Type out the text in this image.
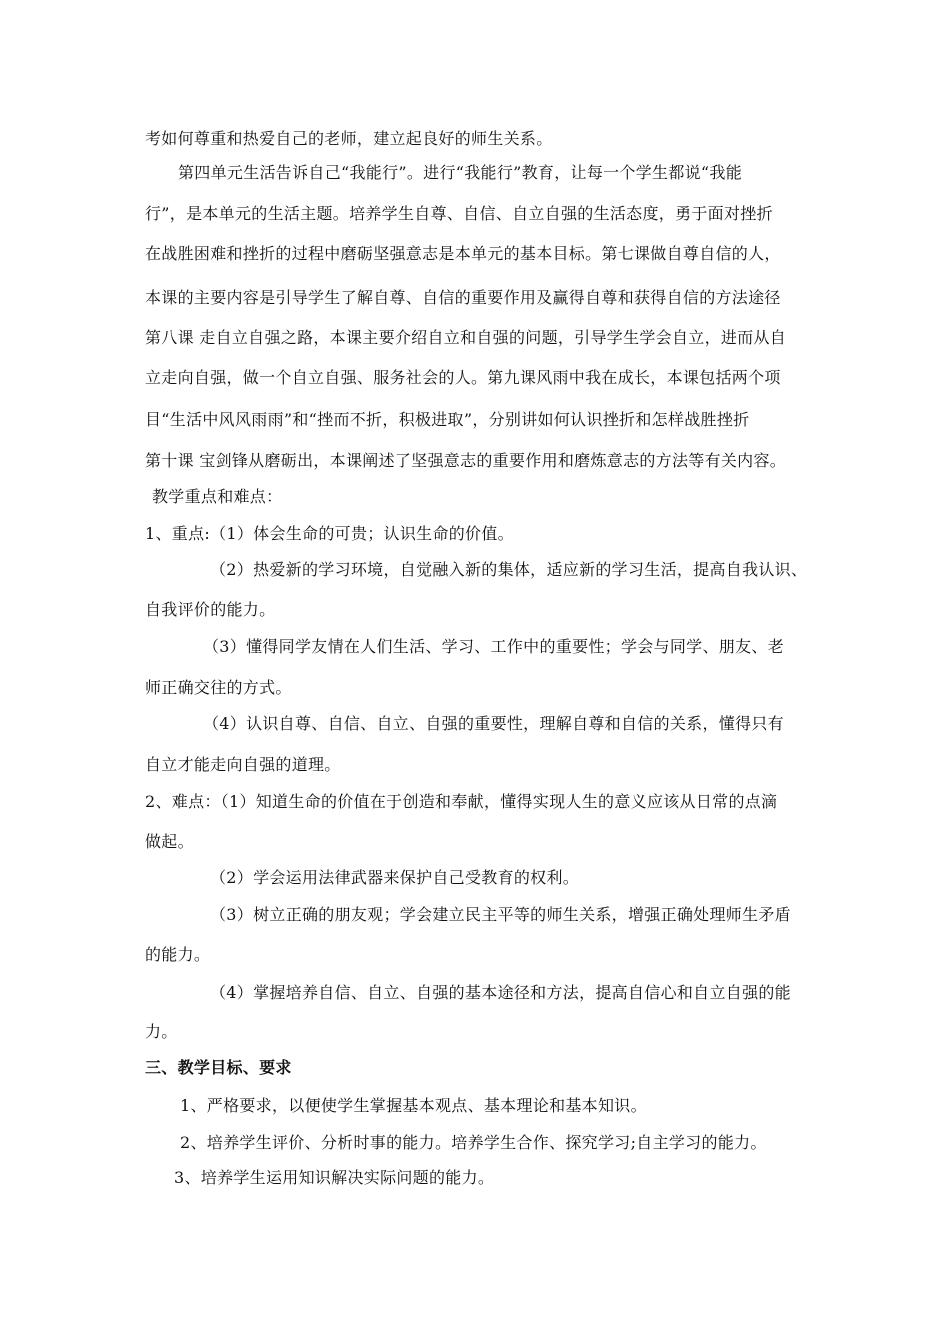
考如何尊重和热爱自己的老师，建立起良好的师生关系。
第四单元生活告诉自己“我能行”。进行“我能行”教育，让每一个学生都说“我能
行”，是本单元的生活主题。培养学生自尊、自信、自立自强的生活态度，勇于面对挫折
在战胜困难和挫折的过程中磨砺坚强意志是本单元的基本目标。第七课做自尊自信的人，
本课的主要内容是引导学生了解自尊、自信的重要作用及赢得自尊和获得自信的方法途径
第八课 走自立自强之路，本课主要介绍自立和自强的问题，引导学生学会自立，进而从自
立走向自强，做一个自立自强、服务社会的人。第九课风雨中我在成长，本课包括两个项
目“生活中风风雨雨”和“挫而不折，积极进取”，分别讲如何认识挫折和怎样战胜挫折
第十课 宝剑锋从磨砺出，本课阐述了坚强意志的重要作用和磨炼意志的方法等有关内容。
教学重点和难点：
1、重点:（1）体会生命的可贵；认识生命的价值。
（2）热爱新的学习环境，自觉融入新的集体，适应新的学习生活，提高自我认识、
自我评价的能力。
（3）懂得同学友情在人们生活、学习、工作中的重要性；学会与同学、朋友、老
师正确交往的方式。
（4）认识自尊、自信、自立、自强的重要性，理解自尊和自信的关系，懂得只有
自立才能走向自强的道理。
2、难点：（1）知道生命的价值在于创造和奉献，懂得实现人生的意义应该从日常的点滴
做起。
（2）学会运用法律武器来保护自己受教育的权利。
（3）树立正确的朋友观；学会建立民主平等的师生关系，增强正确处理师生矛盾
的能力。
（4）掌握培养自信、自立、自强的基本途径和方法，提高自信心和自立自强的能
力。
三、教学目标、要求
1、严格要求，以便使学生掌握基本观点、基本理论和基本知识。
2、培养学生评价、分析时事的能力。培养学生合作、探究学习;自主学习的能力。
3、培养学生运用知识解决实际问题的能力。
